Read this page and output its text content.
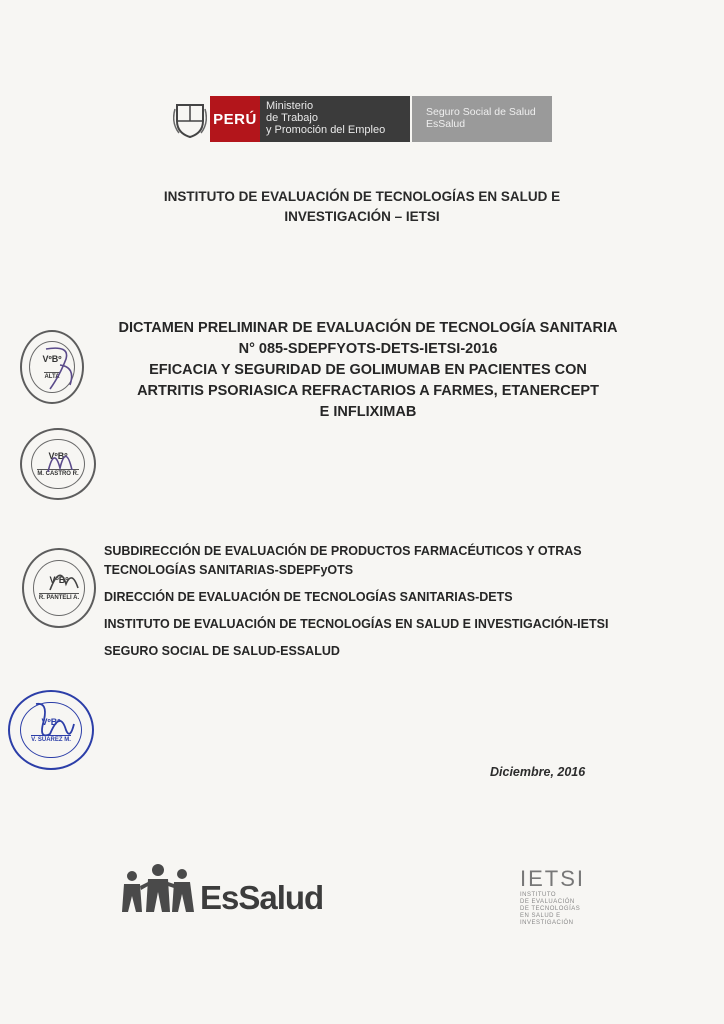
PERÚ
Ministerio
de Trabajo
y Promoción del Empleo
Seguro Social de Salud
EsSalud
INSTITUTO DE EVALUACIÓN DE TECNOLOGÍAS EN SALUD E
INVESTIGACIÓN – IETSI
VºBº
ALTA
VºBº
M. CASTRO R.
VºBº
R. PANTELI A.
VºBº
V. SUAREZ M.
DICTAMEN PRELIMINAR DE EVALUACIÓN DE TECNOLOGÍA SANITARIA
N° 085-SDEPFYOTS-DETS-IETSI-2016
EFICACIA Y SEGURIDAD DE GOLIMUMAB EN PACIENTES CON
ARTRITIS PSORIASICA REFRACTARIOS A FARMES, ETANERCEPT
E INFLIXIMAB

SUBDIRECCIÓN DE EVALUACIÓN DE PRODUCTOS FARMACÉUTICOS Y OTRAS TECNOLOGÍAS SANITARIAS-SDEPFyOTS

DIRECCIÓN DE EVALUACIÓN DE TECNOLOGÍAS SANITARIAS-DETS

INSTITUTO DE EVALUACIÓN DE TECNOLOGÍAS EN SALUD E INVESTIGACIÓN-IETSI

SEGURO SOCIAL DE SALUD-ESSALUD

Diciembre, 2016
EsSalud
IETSI
INSTITUTO
DE EVALUACIÓN
DE TECNOLOGÍAS
EN SALUD E
INVESTIGACIÓN
